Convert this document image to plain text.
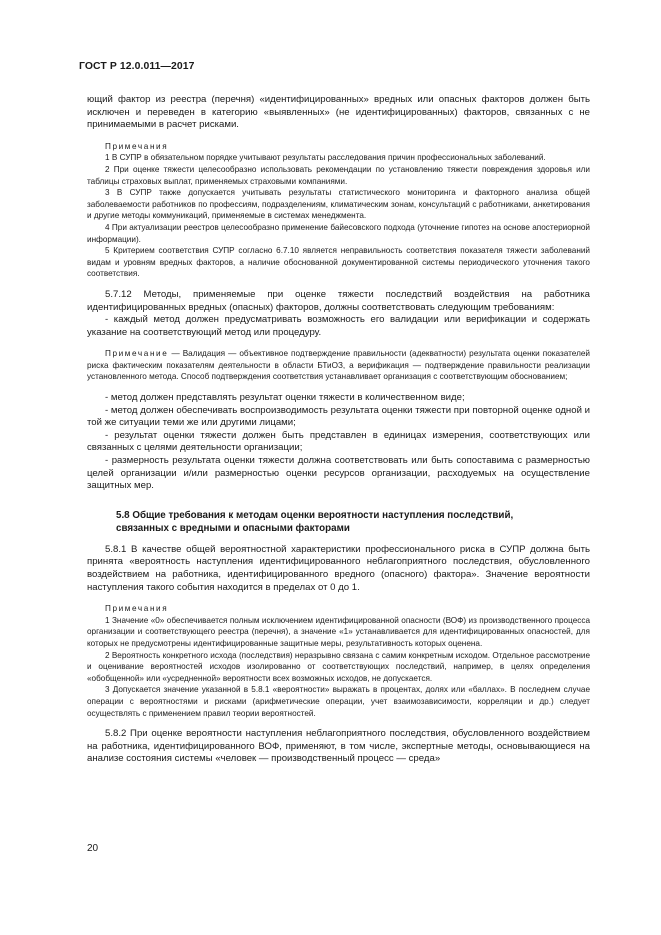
ГОСТ Р 12.0.011—2017

ющий фактор из реестра (перечня) «идентифицированных» вредных или опасных факторов должен быть исключен и переведен в категорию «выявленных» (не идентифицированных) факторов, связанных с не принимаемыми в расчет рисками.

Примечания

1 В СУПР в обязательном порядке учитывают результаты расследования причин профессиональных заболеваний.

2 При оценке тяжести целесообразно использовать рекомендации по установлению тяжести повреждения здоровья или таблицы страховых выплат, применяемых страховыми компаниями.

3 В СУПР также допускается учитывать результаты статистического мониторинга и факторного анализа общей заболеваемости работников по профессиям, подразделениям, климатическим зонам, консультаций с работниками, анкетирования и другие методы коммуникаций, применяемые в системах менеджмента.

4 При актуализации реестров целесообразно применение байесовского подхода (уточнение гипотез на основе апостериорной информации).

5 Критерием соответствия СУПР согласно 6.7.10 является неправильность соответствия показателя тяжести заболеваний видам и уровням вредных факторов, а наличие обоснованной документированной системы периодического уточнения такого соответствия.

5.7.12 Методы, применяемые при оценке тяжести последствий воздействия на работника идентифицированных вредных (опасных) факторов, должны соответствовать следующим требованиям:

- каждый метод должен предусматривать возможность его валидации или верификации и содержать указание на соответствующий метод или процедуру.

Примечание — Валидация — объективное подтверждение правильности (адекватности) результата оценки показателей риска фактическим показателям деятельности в области БТиОЗ, а верификация — подтверждение правильности реализации установленного метода. Способ подтверждения соответствия устанавливает организация с соответствующим обоснованием;

- метод должен представлять результат оценки тяжести в количественном виде;

- метод должен обеспечивать воспроизводимость результата оценки тяжести при повторной оценке одной и той же ситуации теми же или другими лицами;

- результат оценки тяжести должен быть представлен в единицах измерения, соответствующих или связанных с целями деятельности организации;

- размерность результата оценки тяжести должна соответствовать или быть сопоставима с размерностью целей организации и/или размерностью оценки ресурсов организации, расходуемых на осуществление защитных мер.

5.8 Общие требования к методам оценки вероятности наступления последствий,

связанных с вредными и опасными факторами

5.8.1 В качестве общей вероятностной характеристики профессионального риска в СУПР должна быть принята «вероятность наступления идентифицированного неблагоприятного последствия, обусловленного воздействием на работника, идентифицированного вредного (опасного) фактора». Значение вероятности наступления такого события находится в пределах от 0 до 1.

Примечания

1 Значение «0» обеспечивается полным исключением идентифицированной опасности (ВОФ) из производственного процесса организации и соответствующего реестра (перечня), а значение «1» устанавливается для идентифицированных опасностей, для которых не предусмотрены идентифицированные защитные меры, результативность которых оценена.

2 Вероятность конкретного исхода (последствия) неразрывно связана с самим конкретным исходом. Отдельное рассмотрение и оценивание вероятностей исходов изолированно от соответствующих последствий, например, в целях определения «обобщенной» или «усредненной» вероятности всех возможных исходов, не допускается.

3 Допускается значение указанной в 5.8.1 «вероятности» выражать в процентах, долях или «баллах». В последнем случае операции с вероятностями и рисками (арифметические операции, учет взаимозависимости, корреляции и др.) следует осуществлять с применением правил теории вероятностей.

5.8.2 При оценке вероятности наступления неблагоприятного последствия, обусловленного воздействием на работника, идентифицированного ВОФ, применяют, в том числе, экспертные методы, основывающиеся на анализе состояния системы «человек — производственный процесс — среда»

20
